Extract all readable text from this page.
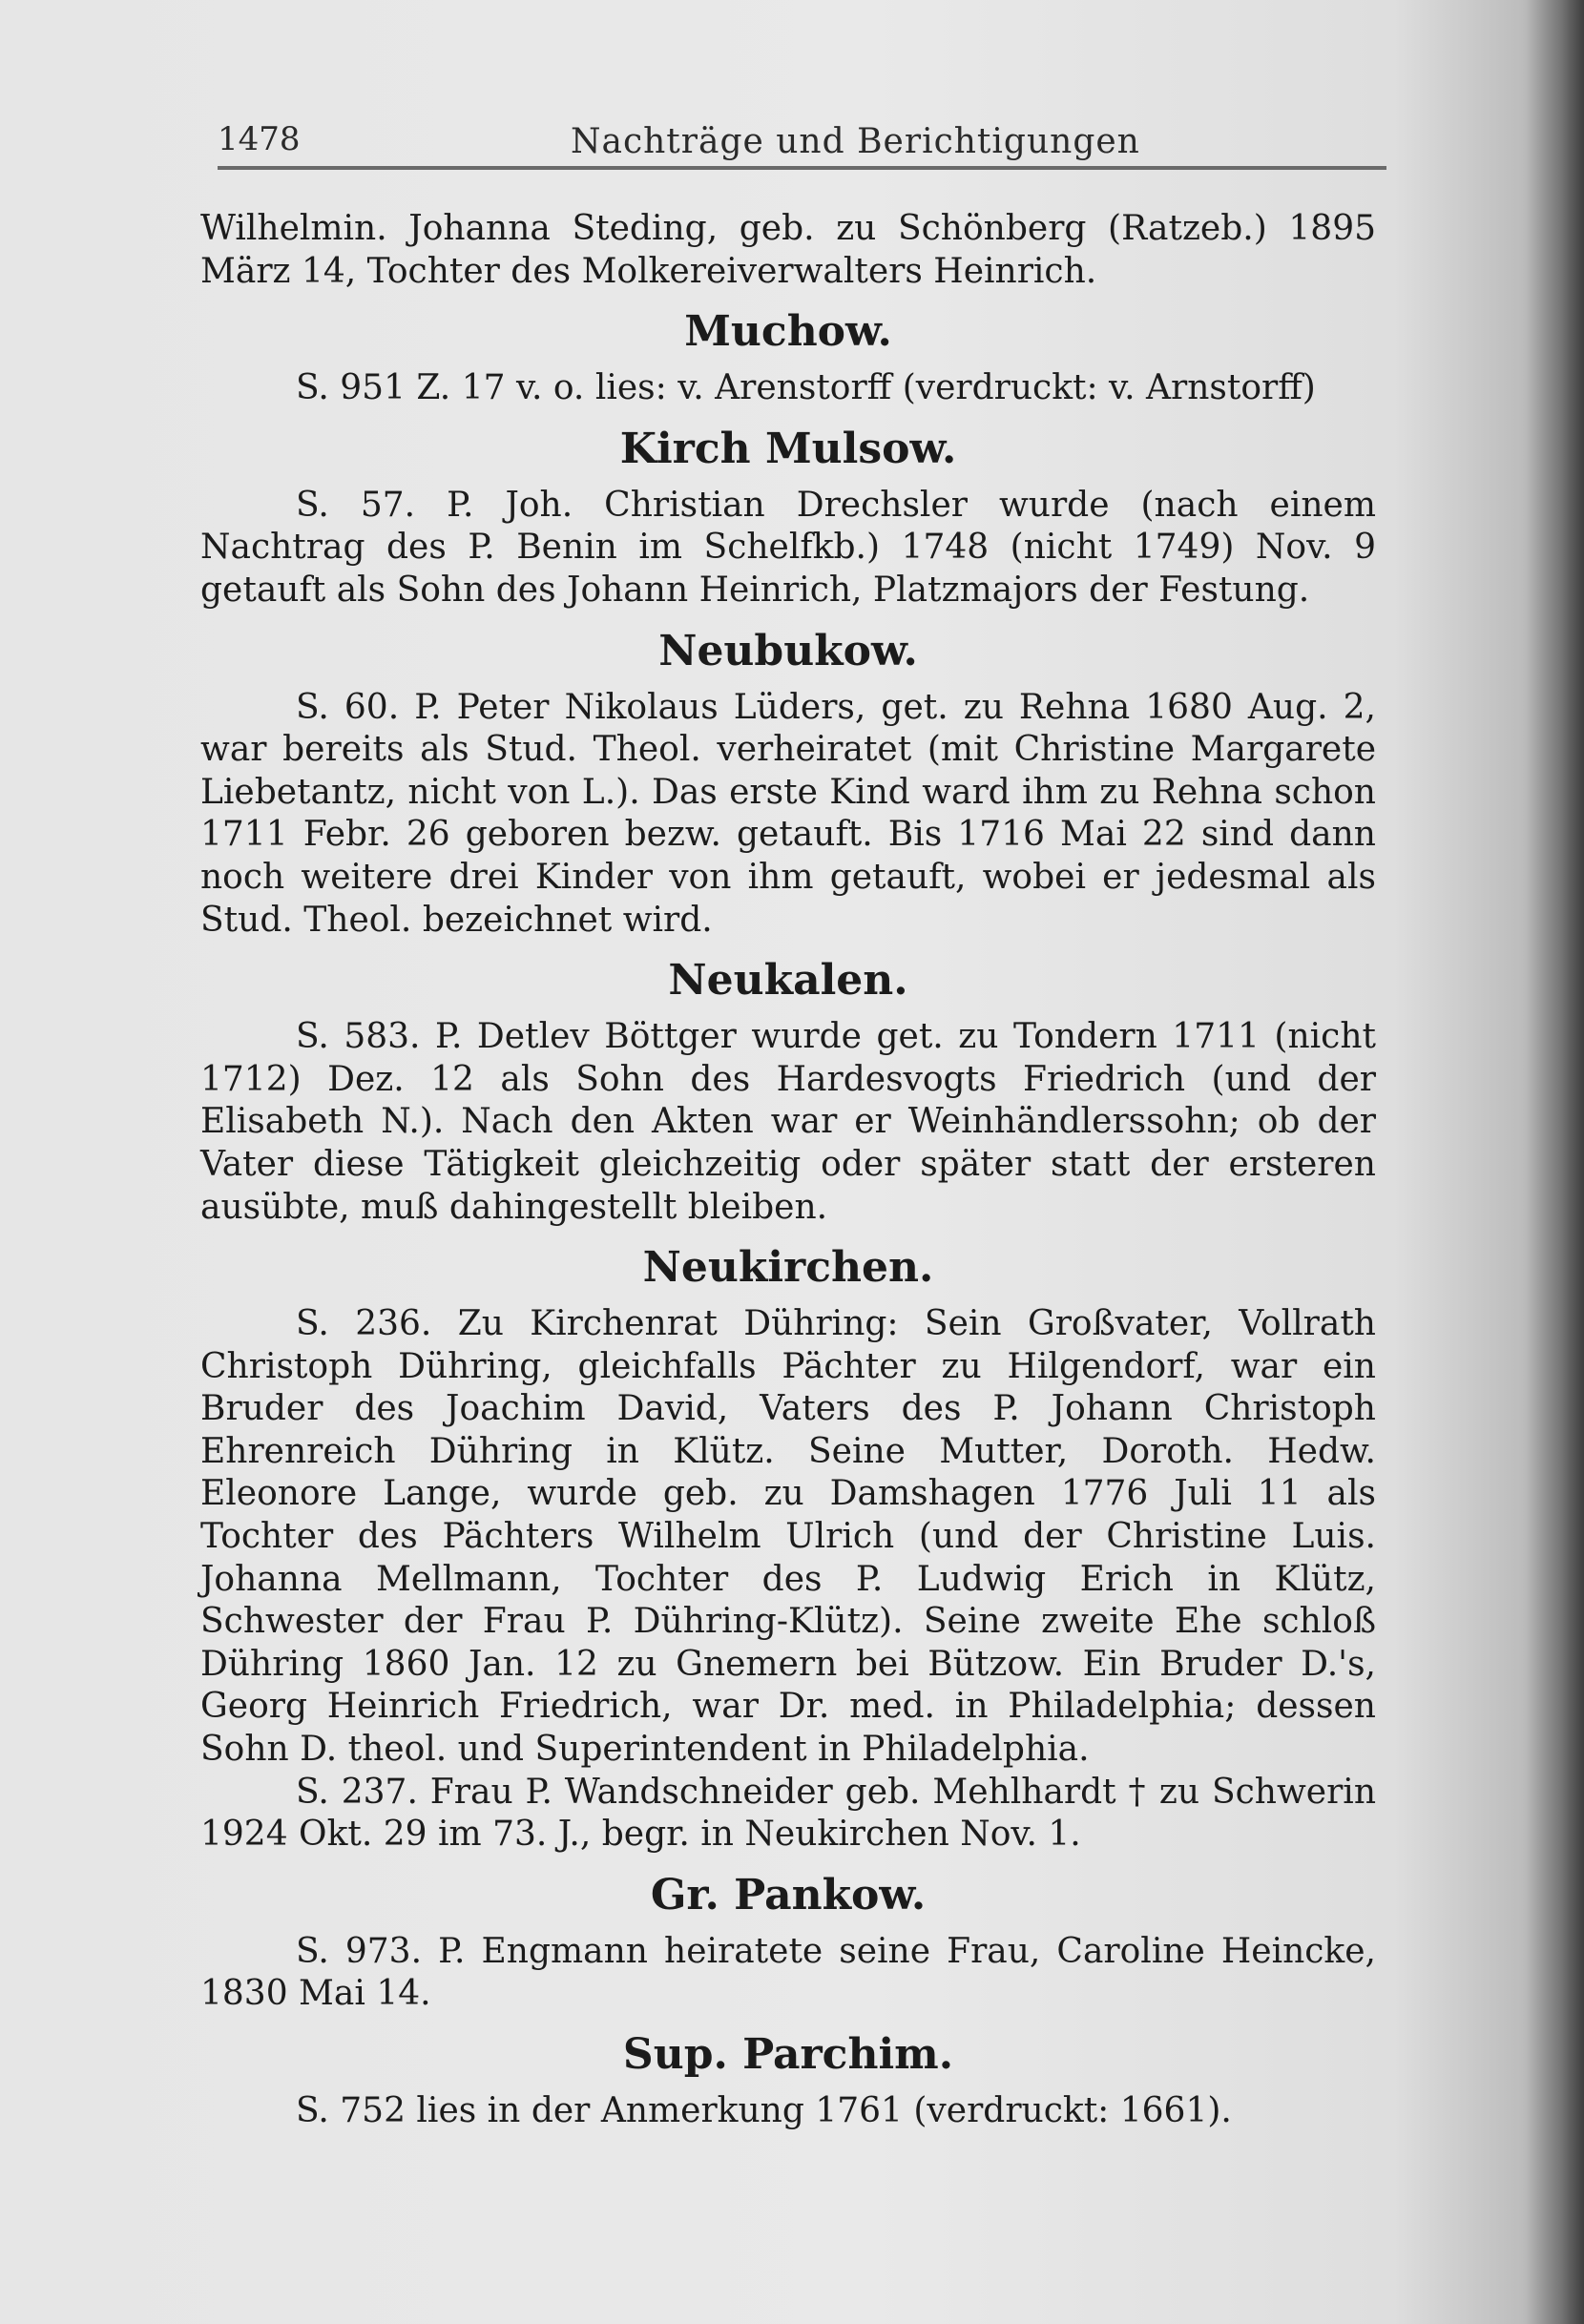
1478	Nachträge und Berichtigungen

Wilhelmin. Johanna Steding, geb. zu Schönberg (Ratzeb.) 1895 März 14, Tochter des Molkereiverwalters Heinrich.

Muchow.

S. 951 Z. 17 v. o. lies: v. Arenstorff (verdruckt: v. Arnstorff)

Kirch Mulsow.

S. 57. P. Joh. Christian Drechsler wurde (nach einem Nachtrag des P. Benin im Schelfkb.) 1748 (nicht 1749) Nov. 9 getauft als Sohn des Johann Heinrich, Platzmajors der Festung.

Neubukow.

S. 60. P. Peter Nikolaus Lüders, get. zu Rehna 1680 Aug. 2, war bereits als Stud. Theol. verheiratet (mit Christine Margarete Liebetantz, nicht von L.). Das erste Kind ward ihm zu Rehna schon 1711 Febr. 26 geboren bezw. getauft. Bis 1716 Mai 22 sind dann noch weitere drei Kinder von ihm getauft, wobei er jedesmal als Stud. Theol. bezeichnet wird.

Neukalen.

S. 583. P. Detlev Böttger wurde get. zu Tondern 1711 (nicht 1712) Dez. 12 als Sohn des Hardesvogts Friedrich (und der Elisabeth N.). Nach den Akten war er Weinhändlerssohn; ob der Vater diese Tätigkeit gleichzeitig oder später statt der ersteren ausübte, muß dahingestellt bleiben.

Neukirchen.

S. 236. Zu Kirchenrat Dühring: Sein Großvater, Vollrath Christoph Dühring, gleichfalls Pächter zu Hilgendorf, war ein Bruder des Joachim David, Vaters des P. Johann Christoph Ehrenreich Dühring in Klütz. Seine Mutter, Doroth. Hedw. Eleonore Lange, wurde geb. zu Damshagen 1776 Juli 11 als Tochter des Pächters Wilhelm Ulrich (und der Christine Luis. Johanna Mellmann, Tochter des P. Ludwig Erich in Klütz, Schwester der Frau P. Dühring-Klütz). Seine zweite Ehe schloß Dühring 1860 Jan. 12 zu Gnemern bei Bützow. Ein Bruder D.'s, Georg Heinrich Friedrich, war Dr. med. in Philadelphia; dessen Sohn D. theol. und Superintendent in Philadelphia.

S. 237. Frau P. Wandschneider geb. Mehlhardt † zu Schwerin 1924 Okt. 29 im 73. J., begr. in Neukirchen Nov. 1.

Gr. Pankow.

S. 973. P. Engmann heiratete seine Frau, Caroline Heincke, 1830 Mai 14.

Sup. Parchim.

S. 752 lies in der Anmerkung 1761 (verdruckt: 1661).
